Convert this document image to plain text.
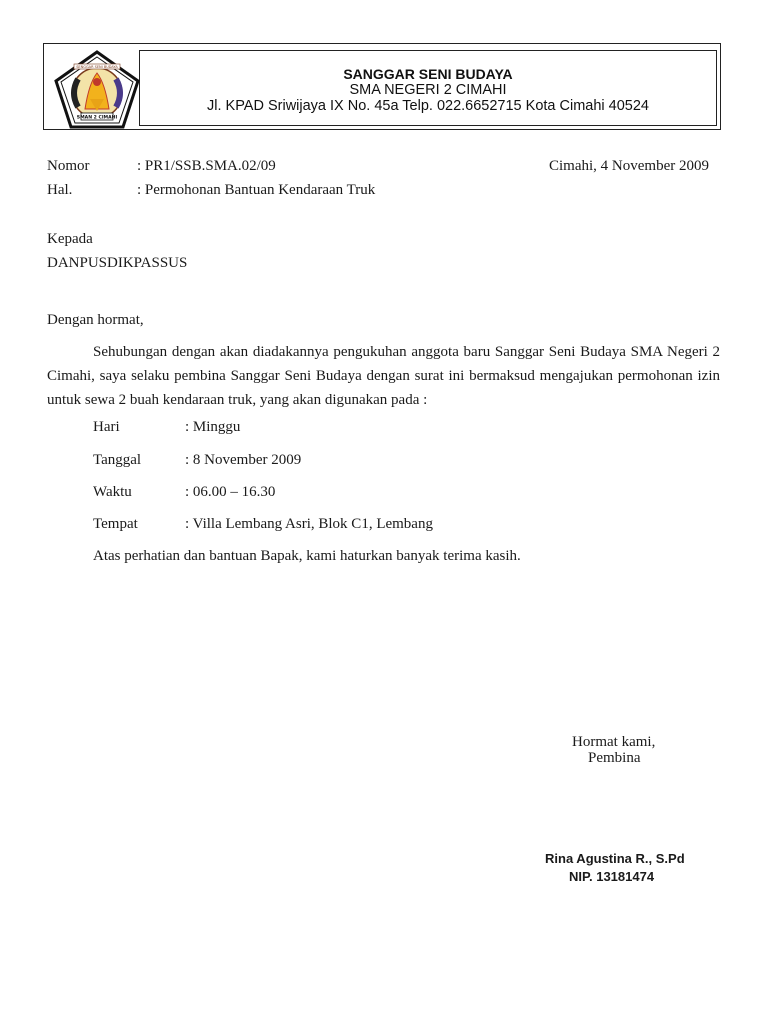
SENGGAR SENI BUDAYA
SMAN 2 CIMAHI
SANGGAR SENI BUDAYA
SMA NEGERI 2 CIMAHI
Jl. KPAD Sriwijaya IX No. 45a Telp. 022.6652715 Kota Cimahi 40524
Nomor	: PR1/SSB.SMA.02/09	Cimahi, 4 November 2009
Hal.	: Permohonan Bantuan Kendaraan Truk
Kepada
DANPUSDIKPASSUS
Dengan hormat,
Sehubungan dengan akan diadakannya pengukuhan anggota baru Sanggar Seni Budaya SMA Negeri 2 Cimahi, saya selaku pembina Sanggar Seni Budaya dengan surat ini bermaksud mengajukan permohonan izin untuk sewa 2 buah kendaraan truk, yang akan digunakan pada :
Hari	: Minggu
Tanggal	: 8 November 2009
Waktu	: 06.00 – 16.30
Tempat	: Villa Lembang Asri, Blok C1, Lembang
Atas perhatian dan bantuan Bapak, kami haturkan banyak terima kasih.
Hormat kami,
Pembina
Rina Agustina R., S.Pd
NIP. 13181474
